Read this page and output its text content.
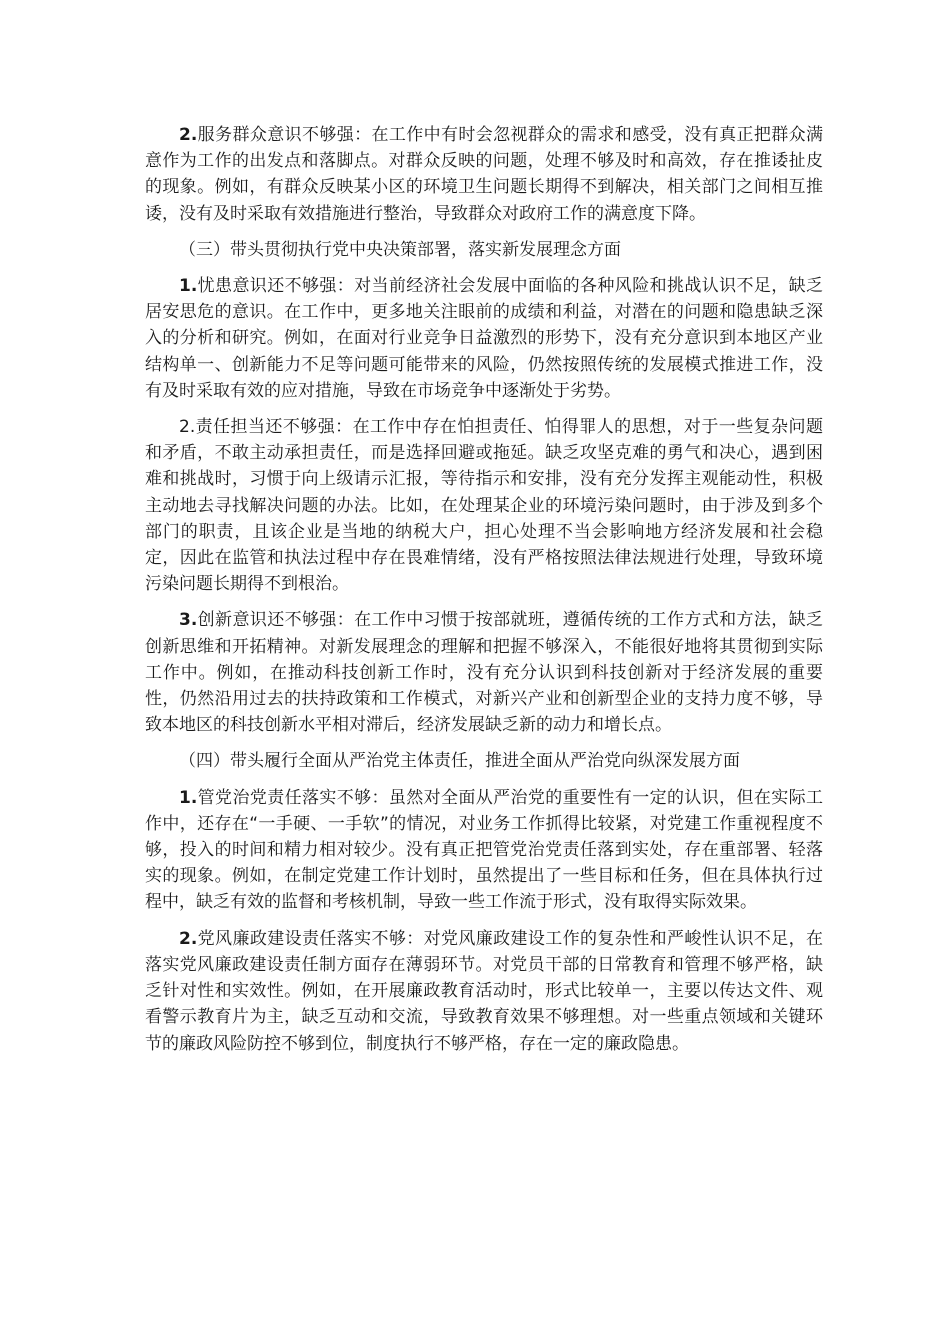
2.服务群众意识不够强：在工作中有时会忽视群众的需求和感受，没有真正把群众满意作为工作的出发点和落脚点。对群众反映的问题，处理不够及时和高效，存在推诿扯皮的现象。例如，有群众反映某小区的环境卫生问题长期得不到解决，相关部门之间相互推诿，没有及时采取有效措施进行整治，导致群众对政府工作的满意度下降。

（三）带头贯彻执行党中央决策部署，落实新发展理念方面

1.忧患意识还不够强：对当前经济社会发展中面临的各种风险和挑战认识不足，缺乏居安思危的意识。在工作中，更多地关注眼前的成绩和利益，对潜在的问题和隐患缺乏深入的分析和研究。例如，在面对行业竞争日益激烈的形势下，没有充分意识到本地区产业结构单一、创新能力不足等问题可能带来的风险，仍然按照传统的发展模式推进工作，没有及时采取有效的应对措施，导致在市场竞争中逐渐处于劣势。

2.责任担当还不够强：在工作中存在怕担责任、怕得罪人的思想，对于一些复杂问题和矛盾，不敢主动承担责任，而是选择回避或拖延。缺乏攻坚克难的勇气和决心，遇到困难和挑战时，习惯于向上级请示汇报，等待指示和安排，没有充分发挥主观能动性，积极主动地去寻找解决问题的办法。比如，在处理某企业的环境污染问题时，由于涉及到多个部门的职责，且该企业是当地的纳税大户，担心处理不当会影响地方经济发展和社会稳定，因此在监管和执法过程中存在畏难情绪，没有严格按照法律法规进行处理，导致环境污染问题长期得不到根治。

3.创新意识还不够强：在工作中习惯于按部就班，遵循传统的工作方式和方法，缺乏创新思维和开拓精神。对新发展理念的理解和把握不够深入，不能很好地将其贯彻到实际工作中。例如，在推动科技创新工作时，没有充分认识到科技创新对于经济发展的重要性，仍然沿用过去的扶持政策和工作模式，对新兴产业和创新型企业的支持力度不够，导致本地区的科技创新水平相对滞后，经济发展缺乏新的动力和增长点。

（四）带头履行全面从严治党主体责任，推进全面从严治党向纵深发展方面

1.管党治党责任落实不够：虽然对全面从严治党的重要性有一定的认识，但在实际工作中，还存在“一手硬、一手软”的情况，对业务工作抓得比较紧，对党建工作重视程度不够，投入的时间和精力相对较少。没有真正把管党治党责任落到实处，存在重部署、轻落实的现象。例如，在制定党建工作计划时，虽然提出了一些目标和任务，但在具体执行过程中，缺乏有效的监督和考核机制，导致一些工作流于形式，没有取得实际效果。

2.党风廉政建设责任落实不够：对党风廉政建设工作的复杂性和严峻性认识不足，在落实党风廉政建设责任制方面存在薄弱环节。对党员干部的日常教育和管理不够严格，缺乏针对性和实效性。例如，在开展廉政教育活动时，形式比较单一，主要以传达文件、观看警示教育片为主，缺乏互动和交流，导致教育效果不够理想。对一些重点领域和关键环节的廉政风险防控不够到位，制度执行不够严格，存在一定的廉政隐患。
